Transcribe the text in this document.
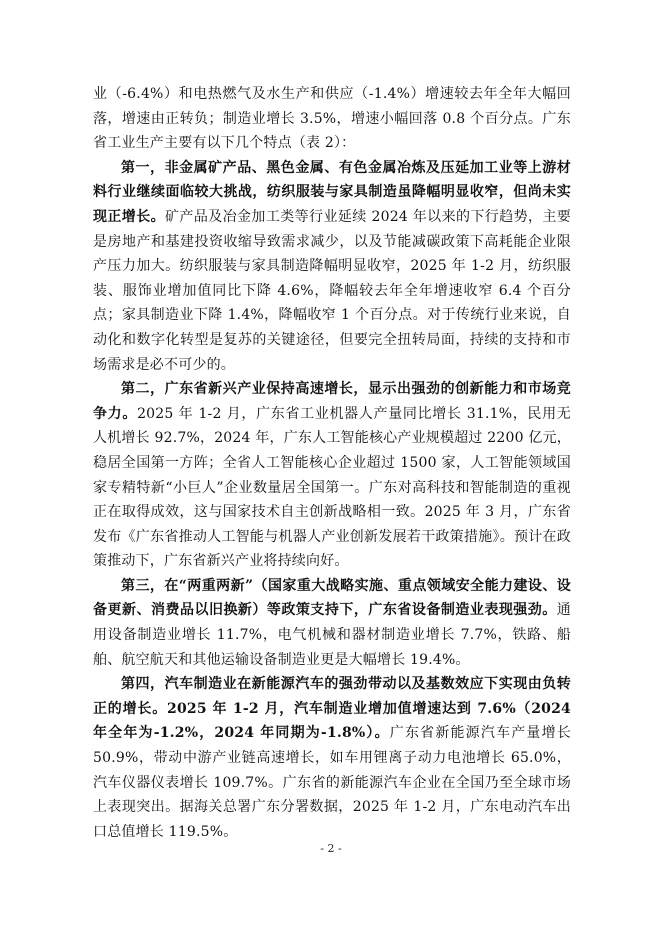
业（-6.4%）和电热燃气及水生产和供应（-1.4%）增速较去年全年大幅回落，增速由正转负；制造业增长 3.5%，增速小幅回落 0.8 个百分点。广东省工业生产主要有以下几个特点（表 2）：

第一，非金属矿产品、黑色金属、有色金属冶炼及压延加工业等上游材料行业继续面临较大挑战，纺织服装与家具制造虽降幅明显收窄，但尚未实现正增长。矿产品及冶金加工类等行业延续 2024 年以来的下行趋势，主要是房地产和基建投资收缩导致需求减少，以及节能减碳政策下高耗能企业限产压力加大。纺织服装与家具制造降幅明显收窄，2025 年 1-2 月，纺织服装、服饰业增加值同比下降 4.6%，降幅较去年全年增速收窄 6.4 个百分点；家具制造业下降 1.4%，降幅收窄 1 个百分点。对于传统行业来说，自动化和数字化转型是复苏的关键途径，但要完全扭转局面，持续的支持和市场需求是必不可少的。

第二，广东省新兴产业保持高速增长，显示出强劲的创新能力和市场竞争力。2025 年 1-2 月，广东省工业机器人产量同比增长 31.1%，民用无人机增长 92.7%，2024 年，广东人工智能核心产业规模超过 2200 亿元，稳居全国第一方阵；全省人工智能核心企业超过 1500 家，人工智能领域国家专精特新“小巨人”企业数量居全国第一。广东对高科技和智能制造的重视正在取得成效，这与国家技术自主创新战略相一致。2025 年 3 月，广东省发布《广东省推动人工智能与机器人产业创新发展若干政策措施》。预计在政策推动下，广东省新兴产业将持续向好。

第三，在“两重两新”（国家重大战略实施、重点领域安全能力建设、设备更新、消费品以旧换新）等政策支持下，广东省设备制造业表现强劲。通用设备制造业增长 11.7%，电气机械和器材制造业增长 7.7%，铁路、船舶、航空航天和其他运输设备制造业更是大幅增长 19.4%。

第四，汽车制造业在新能源汽车的强劲带动以及基数效应下实现由负转正的增长。2025 年 1-2 月，汽车制造业增加值增速达到 7.6%（2024 年全年为-1.2%，2024 年同期为-1.8%）。广东省新能源汽车产量增长 50.9%，带动中游产业链高速增长，如车用锂离子动力电池增长 65.0%，汽车仪器仪表增长 109.7%。广东省的新能源汽车企业在全国乃至全球市场上表现突出。据海关总署广东分署数据，2025 年 1-2 月，广东电动汽车出口总值增长 119.5%。

- 2 -
